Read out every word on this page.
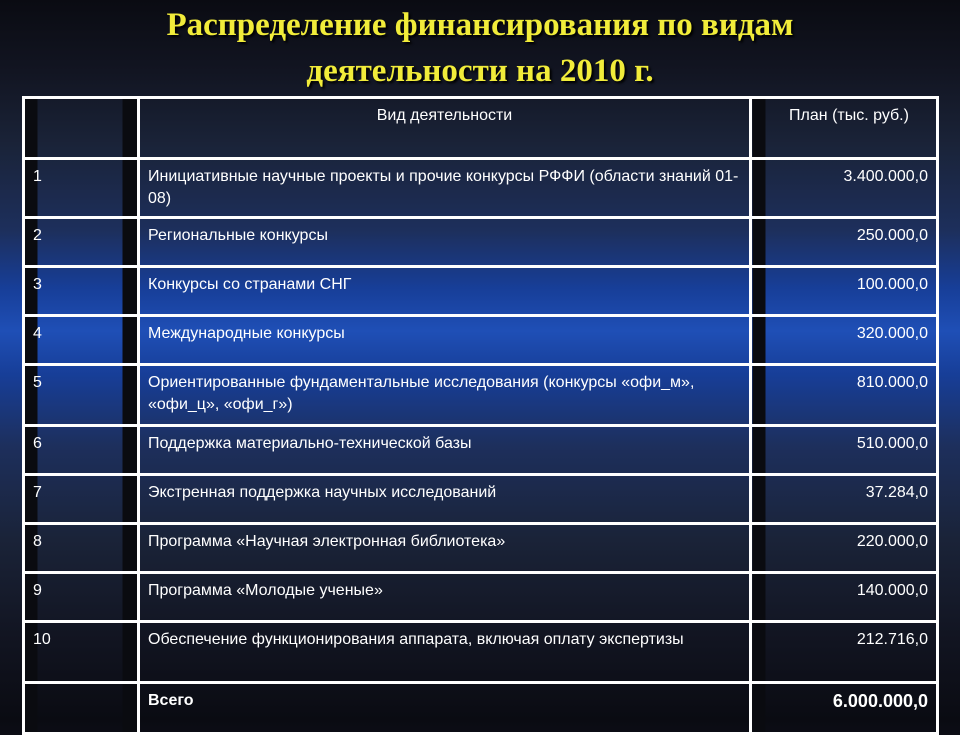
Распределение финансирования по видам
деятельности на 2010 г.
	Вид деятельности	План (тыс. руб.)
1	Инициативные научные проекты и прочие конкурсы РФФИ (области знаний 01-08)	3.400.000,0
2	Региональные конкурсы	250.000,0
3	Конкурсы со странами СНГ	100.000,0
4	Международные конкурсы	320.000,0
5	Ориентированные фундаментальные исследования (конкурсы «офи_м», «офи_ц», «офи_г»)	810.000,0
6	Поддержка материально-технической базы	510.000,0
7	Экстренная поддержка научных исследований	37.284,0
8	Программа «Научная электронная библиотека»	220.000,0
9	Программа «Молодые ученые»	140.000,0
10	Обеспечение функционирования аппарата, включая оплату экспертизы	212.716,0
	Всего	6.000.000,0
